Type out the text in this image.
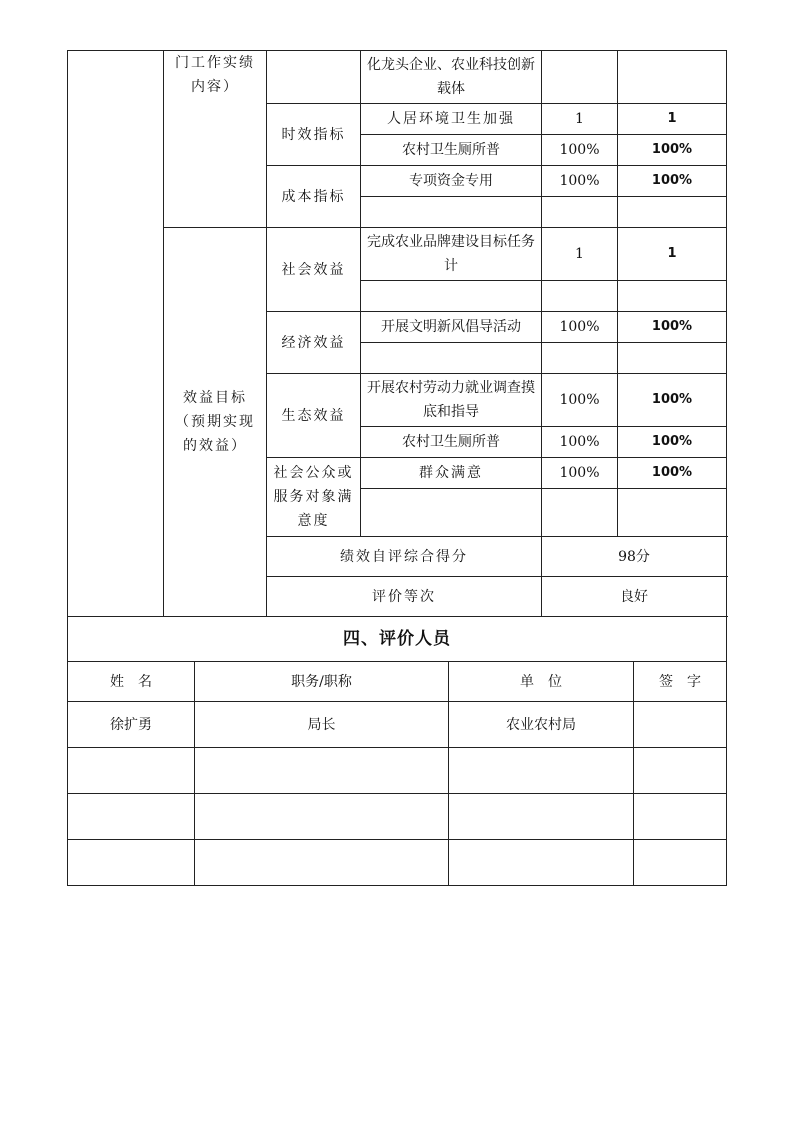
	门工作实绩内容）		化龙头企业、农业科技创新载体		
		时效指标	人居环境卫生加强	1	1
			农村卫生厕所普	100%	100%
		成本指标	专项资金专用	100%	100%

	效益目标（预期实现的效益）	社会效益	完成农业品牌建设目标任务计	1	1

		经济效益	开展文明新风倡导活动	100%	100%

		生态效益	开展农村劳动力就业调查摸底和指导	100%	100%
			农村卫生厕所普	100%	100%
		社会公众或服务对象满意度	群众满意	100%	100%

		绩效自评综合得分		98分	
		评价等次		良好	
四、评价人员			
姓　名	职务/职称	单　位	签　字
徐扩勇	局长	农业农村局	
